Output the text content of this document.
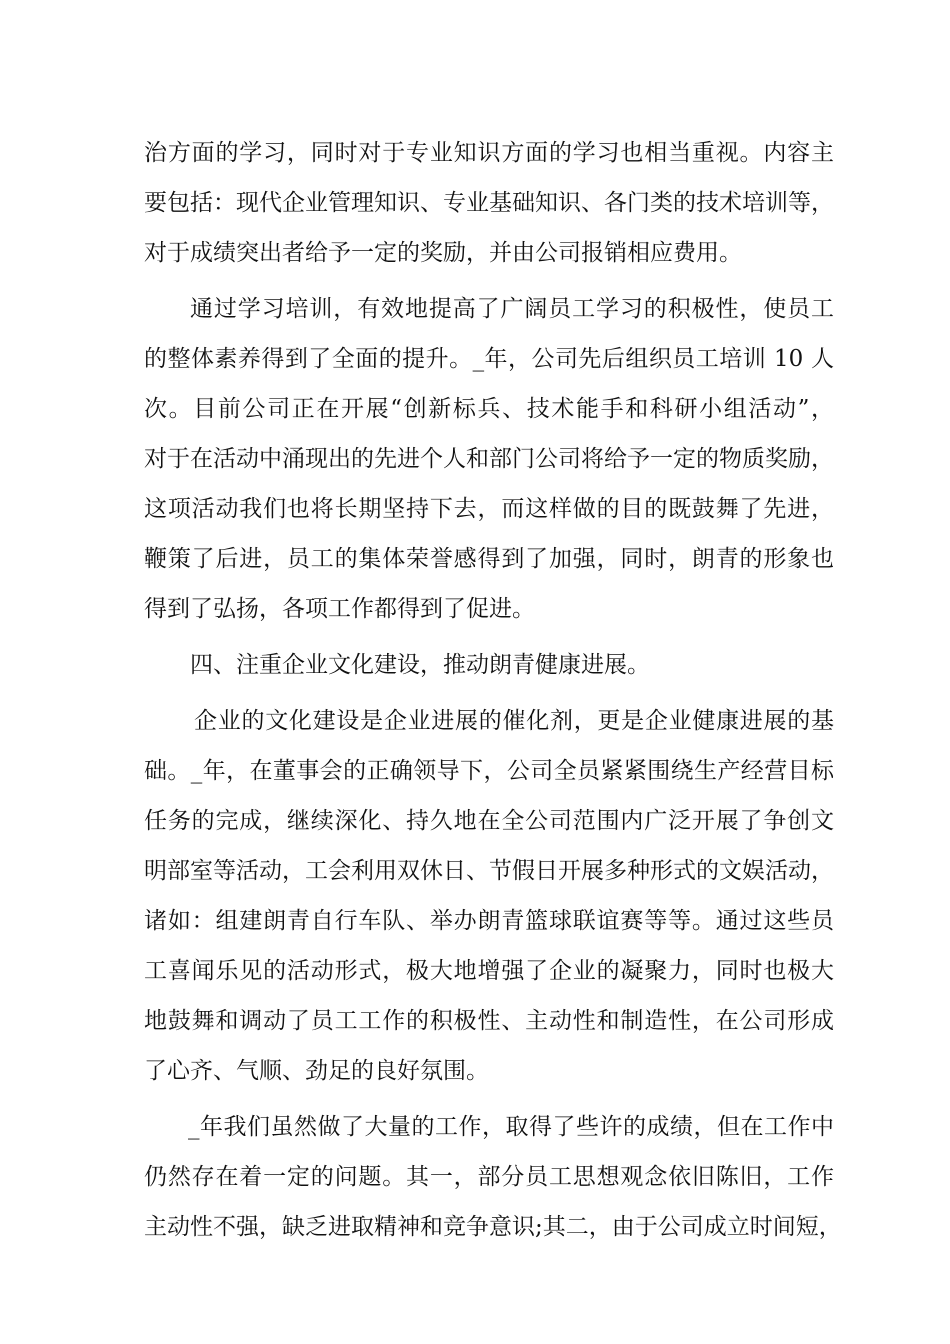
治方面的学习，同时对于专业知识方面的学习也相当重视。内容主
要包括：现代企业管理知识、专业基础知识、各门类的技术培训等，
对于成绩突出者给予一定的奖励，并由公司报销相应费用。
通过学习培训，有效地提高了广阔员工学习的积极性，使员工
的整体素养得到了全面的提升。_年，公司先后组织员工培训 10 人
次。目前公司正在开展“创新标兵、技术能手和科研小组活动”，
对于在活动中涌现出的先进个人和部门公司将给予一定的物质奖励，
这项活动我们也将长期坚持下去，而这样做的目的既鼓舞了先进，
鞭策了后进，员工的集体荣誉感得到了加强，同时，朗青的形象也
得到了弘扬，各项工作都得到了促进。
四、注重企业文化建设，推动朗青健康进展。
企业的文化建设是企业进展的催化剂，更是企业健康进展的基
础。_年，在董事会的正确领导下，公司全员紧紧围绕生产经营目标
任务的完成，继续深化、持久地在全公司范围内广泛开展了争创文
明部室等活动，工会利用双休日、节假日开展多种形式的文娱活动，
诸如：组建朗青自行车队、举办朗青篮球联谊赛等等。通过这些员
工喜闻乐见的活动形式，极大地增强了企业的凝聚力，同时也极大
地鼓舞和调动了员工工作的积极性、主动性和制造性，在公司形成
了心齐、气顺、劲足的良好氛围。
_年我们虽然做了大量的工作，取得了些许的成绩，但在工作中
仍然存在着一定的问题。其一，部分员工思想观念依旧陈旧，工作
主动性不强，缺乏进取精神和竞争意识;其二，由于公司成立时间短，
